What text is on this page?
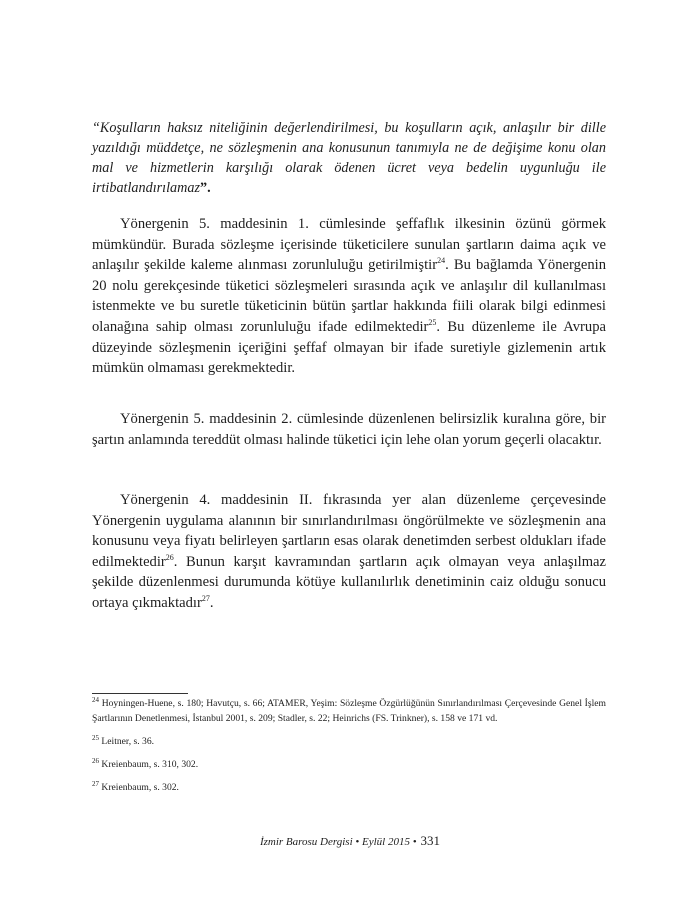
“Koşulların haksız niteliğinin değerlendirilmesi, bu koşulların açık, anlaşılır bir dille yazıldığı müddetçe, ne sözleşmenin ana konusunun tanımıyla ne de değişime konu olan mal ve hizmetlerin karşılığı olarak ödenen ücret veya bedelin uygunluğu ile irtibatlandırılamaz”.

Yönergenin 5. maddesinin 1. cümlesinde şeffaflık ilkesinin özünü görmek mümkündür. Burada sözleşme içerisinde tüketicilere sunulan şartların daima açık ve anlaşılır şekilde kaleme alınması zorunluluğu getirilmiştir$^{24}$. Bu bağlamda Yönergenin 20 nolu gerekçesinde tüketici sözleşmeleri sırasında açık ve anlaşılır dil kullanılması istenmekte ve bu suretle tüketicinin bütün şartlar hakkında fiili olarak bilgi edinmesi olanağına sahip olması zorunluluğu ifade edilmektedir$^{25}$. Bu düzenleme ile Avrupa düzeyinde sözleşmenin içeriğini şeffaf olmayan bir ifade suretiyle gizlemenin artık mümkün olmaması gerekmektedir.

Yönergenin 5. maddesinin 2. cümlesinde düzenlenen belirsizlik kuralına göre, bir şartın anlamında tereddüt olması halinde tüketici için lehe olan yorum geçerli olacaktır.

Yönergenin 4. maddesinin II. fıkrasında yer alan düzenleme çerçevesinde Yönergenin uygulama alanının bir sınırlandırılması öngörülmekte ve sözleşmenin ana konusunu veya fiyatı belirleyen şartların esas olarak denetimden serbest oldukları ifade edilmektedir$^{26}$. Bunun karşıt kavramından şartların açık olmayan veya anlaşılmaz şekilde düzenlenmesi durumunda kötüye kullanılırlık denetiminin caiz olduğu sonucu ortaya çıkmaktadır$^{27}$.

$^{24}$ Hoyningen-Huene, s. 180; Havutçu, s. 66; ATAMER, Yeşim: Sözleşme Özgürlüğünün Sınırlandırılması Çerçevesinde Genel İşlem Şartlarının Denetlenmesi, İstanbul 2001, s. 209; Stadler, s. 22; Heinrichs (FS. Trinkner), s. 158 ve 171 vd.

$^{25}$ Leitner, s. 36.

$^{26}$ Kreienbaum, s. 310, 302.

$^{27}$ Kreienbaum, s. 302.

İzmir Barosu Dergisi • Eylül 2015 • 331
